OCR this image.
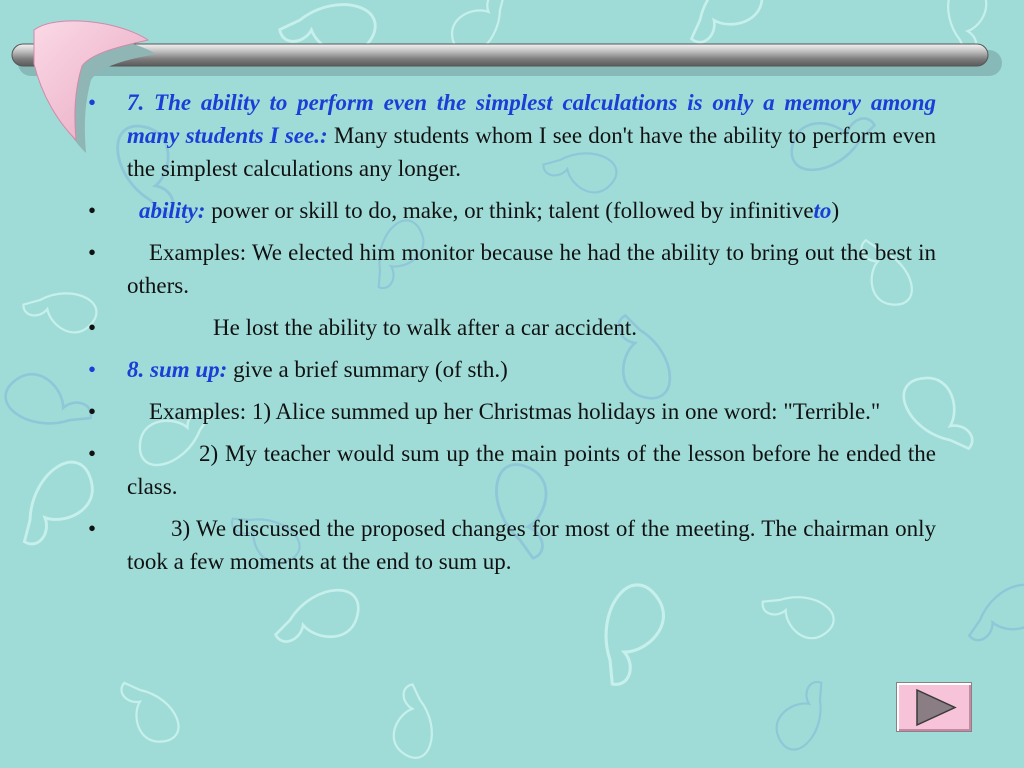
•	7. The ability to perform even the simplest calculations is only a memory among many students I see.: Many students whom I see don't have the ability to perform even the simplest calculations any longer.
•	ability: power or skill to do, make, or think; talent (followed by infinitiveto)
•	Examples: We elected him monitor because he had the ability to bring out the best in others.
•	He lost the ability to walk after a car accident.
•	8. sum up: give a brief summary (of sth.)
•	Examples: 1) Alice summed up her Christmas holidays in one word: "Terrible."
•	2) My teacher would sum up the main points of the lesson before he ended the class.
•	3) We discussed the proposed changes for most of the meeting. The chairman only took a few moments at the end to sum up.
